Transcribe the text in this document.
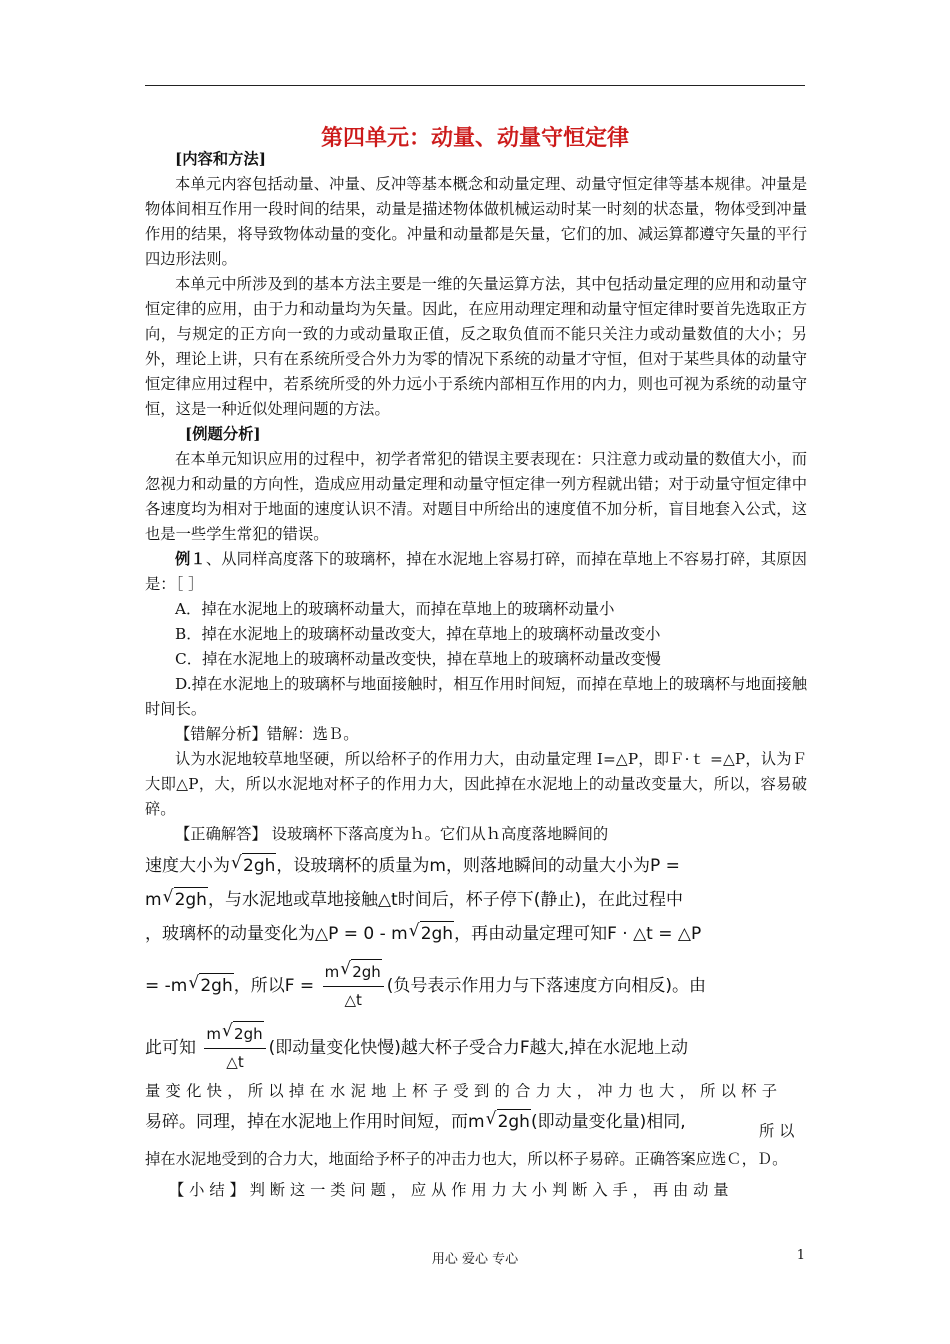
第四单元：动量、动量守恒定律

[内容和方法]

本单元内容包括动量、冲量、反冲等基本概念和动量定理、动量守恒定律等基本规律。冲量是物体间相互作用一段时间的结果，动量是描述物体做机械运动时某一时刻的状态量，物体受到冲量作用的结果，将导致物体动量的变化。冲量和动量都是矢量，它们的加、减运算都遵守矢量的平行四边形法则。

本单元中所涉及到的基本方法主要是一维的矢量运算方法，其中包括动量定理的应用和动量守恒定律的应用，由于力和动量均为矢量。因此，在应用动理定理和动量守恒定律时要首先选取正方向，与规定的正方向一致的力或动量取正值，反之取负值而不能只关注力或动量数值的大小；另外，理论上讲，只有在系统所受合外力为零的情况下系统的动量才守恒，但对于某些具体的动量守恒定律应用过程中，若系统所受的外力远小于系统内部相互作用的内力，则也可视为系统的动量守恒，这是一种近似处理问题的方法。

[例题分析]

在本单元知识应用的过程中，初学者常犯的错误主要表现在：只注意力或动量的数值大小，而忽视力和动量的方向性，造成应用动量定理和动量守恒定律一列方程就出错；对于动量守恒定律中各速度均为相对于地面的速度认识不清。对题目中所给出的速度值不加分析，盲目地套入公式，这也是一些学生常犯的错误。

例１、从同样高度落下的玻璃杯，掉在水泥地上容易打碎，而掉在草地上不容易打碎，其原因是：［ ］

A．掉在水泥地上的玻璃杯动量大，而掉在草地上的玻璃杯动量小

B．掉在水泥地上的玻璃杯动量改变大，掉在草地上的玻璃杯动量改变小

C．掉在水泥地上的玻璃杯动量改变快，掉在草地上的玻璃杯动量改变慢

D.掉在水泥地上的玻璃杯与地面接触时，相互作用时间短，而掉在草地上的玻璃杯与地面接触时间长。

【错解分析】错解：选Ｂ。

认为水泥地较草地坚硬，所以给杯子的作用力大，由动量定理 I=△P，即Ｆ·ｔ =△P，认为Ｆ大即△P，大，所以水泥地对杯子的作用力大，因此掉在水泥地上的动量改变量大，所以，容易破碎。

【正确解答】 设玻璃杯下落高度为ｈ。它们从ｈ高度落地瞬间的

速度大小为 √ 2gh，设玻璃杯的质量为m，则落地瞬间的动量大小为P =
m √ 2gh，与水泥地或草地接触△t时间后，杯子停下(静止)，在此过程中
，玻璃杯的动量变化为△P = 0 - m √ 2gh，再由动量定理可知F · △t = △P
= -m √ 2gh，所以$F = \frac{m √ 2gh}{\triangle t}$ (负号表示作用力与下落速度方向相反)。由
此可知 $\frac{m √ 2gh}{\triangle t}$ (即动量变化快慢)越大杯子受合力F越大,掉在水泥地上动
量 变 化 快 ， 所 以 掉 在 水 泥 地 上 杯 子 受 到 的 合 力 大 ， 冲 力 也 大 ， 所 以 杯 子
易碎。同理，掉在水泥地上作用时间短，而m √ 2gh(即动量变化量)相同,	所 以

掉在水泥地受到的合力大，地面给予杯子的冲击力也大，所以杯子易碎。正确答案应选Ｃ，Ｄ。

【 小 结 】 判 断 这 一 类 问 题 ， 应 从 作 用 力 大 小 判 断 入 手 ， 再 由 动 量

用心 爱心 专心	1
